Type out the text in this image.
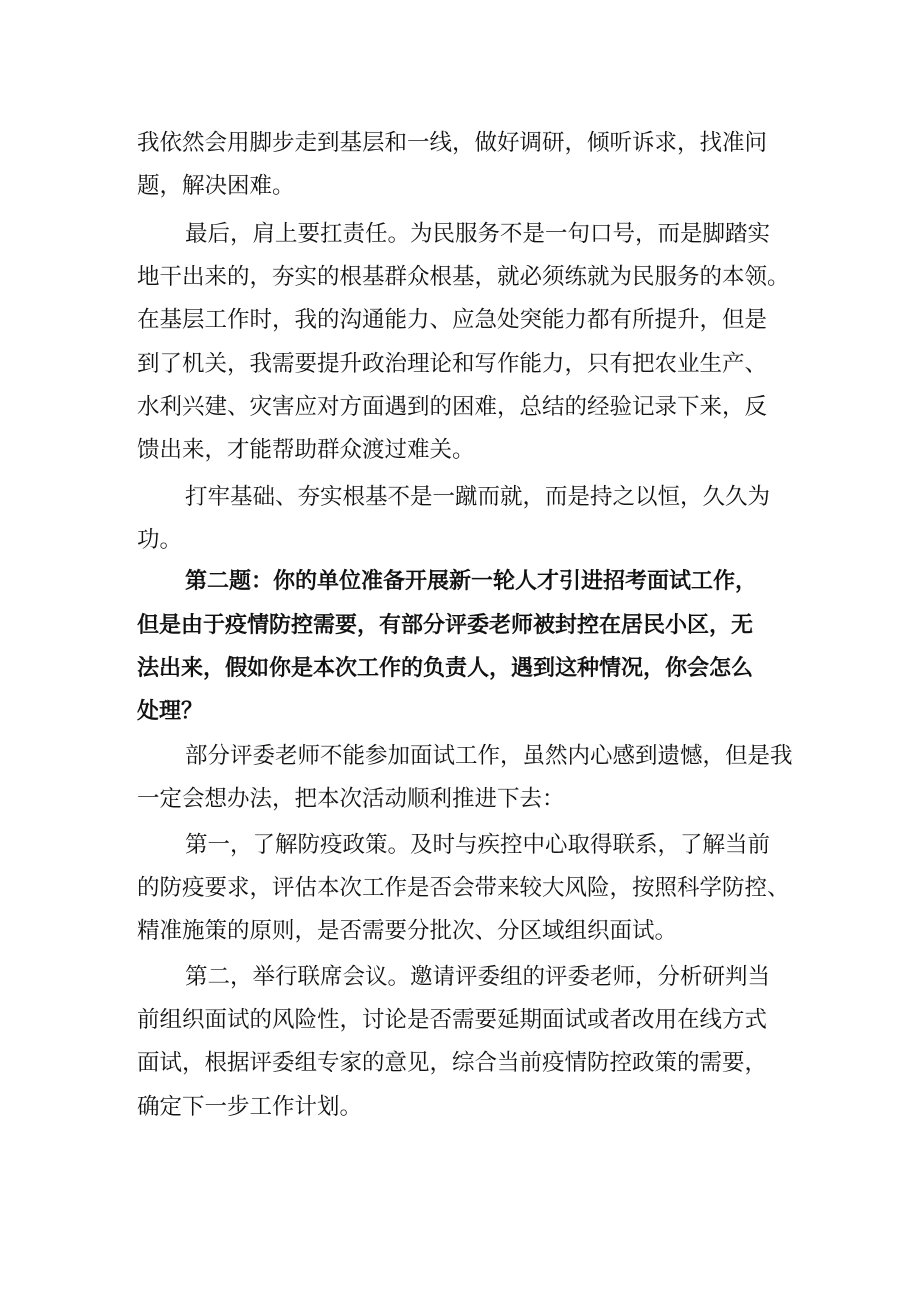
我依然会用脚步走到基层和一线，做好调研，倾听诉求，找准问
题，解决困难。
最后，肩上要扛责任。为民服务不是一句口号，而是脚踏实
地干出来的，夯实的根基群众根基，就必须练就为民服务的本领。
在基层工作时，我的沟通能力、应急处突能力都有所提升，但是
到了机关，我需要提升政治理论和写作能力，只有把农业生产、
水利兴建、灾害应对方面遇到的困难，总结的经验记录下来，反
馈出来，才能帮助群众渡过难关。
打牢基础、夯实根基不是一蹴而就，而是持之以恒，久久为
功。
第二题：你的单位准备开展新一轮人才引进招考面试工作，
但是由于疫情防控需要，有部分评委老师被封控在居民小区，无
法出来，假如你是本次工作的负责人，遇到这种情况，你会怎么
处理？
部分评委老师不能参加面试工作，虽然内心感到遗憾，但是我
一定会想办法，把本次活动顺利推进下去：
第一，了解防疫政策。及时与疾控中心取得联系，了解当前
的防疫要求，评估本次工作是否会带来较大风险，按照科学防控、
精准施策的原则，是否需要分批次、分区域组织面试。
第二，举行联席会议。邀请评委组的评委老师，分析研判当
前组织面试的风险性，讨论是否需要延期面试或者改用在线方式
面试，根据评委组专家的意见，综合当前疫情防控政策的需要，
确定下一步工作计划。
